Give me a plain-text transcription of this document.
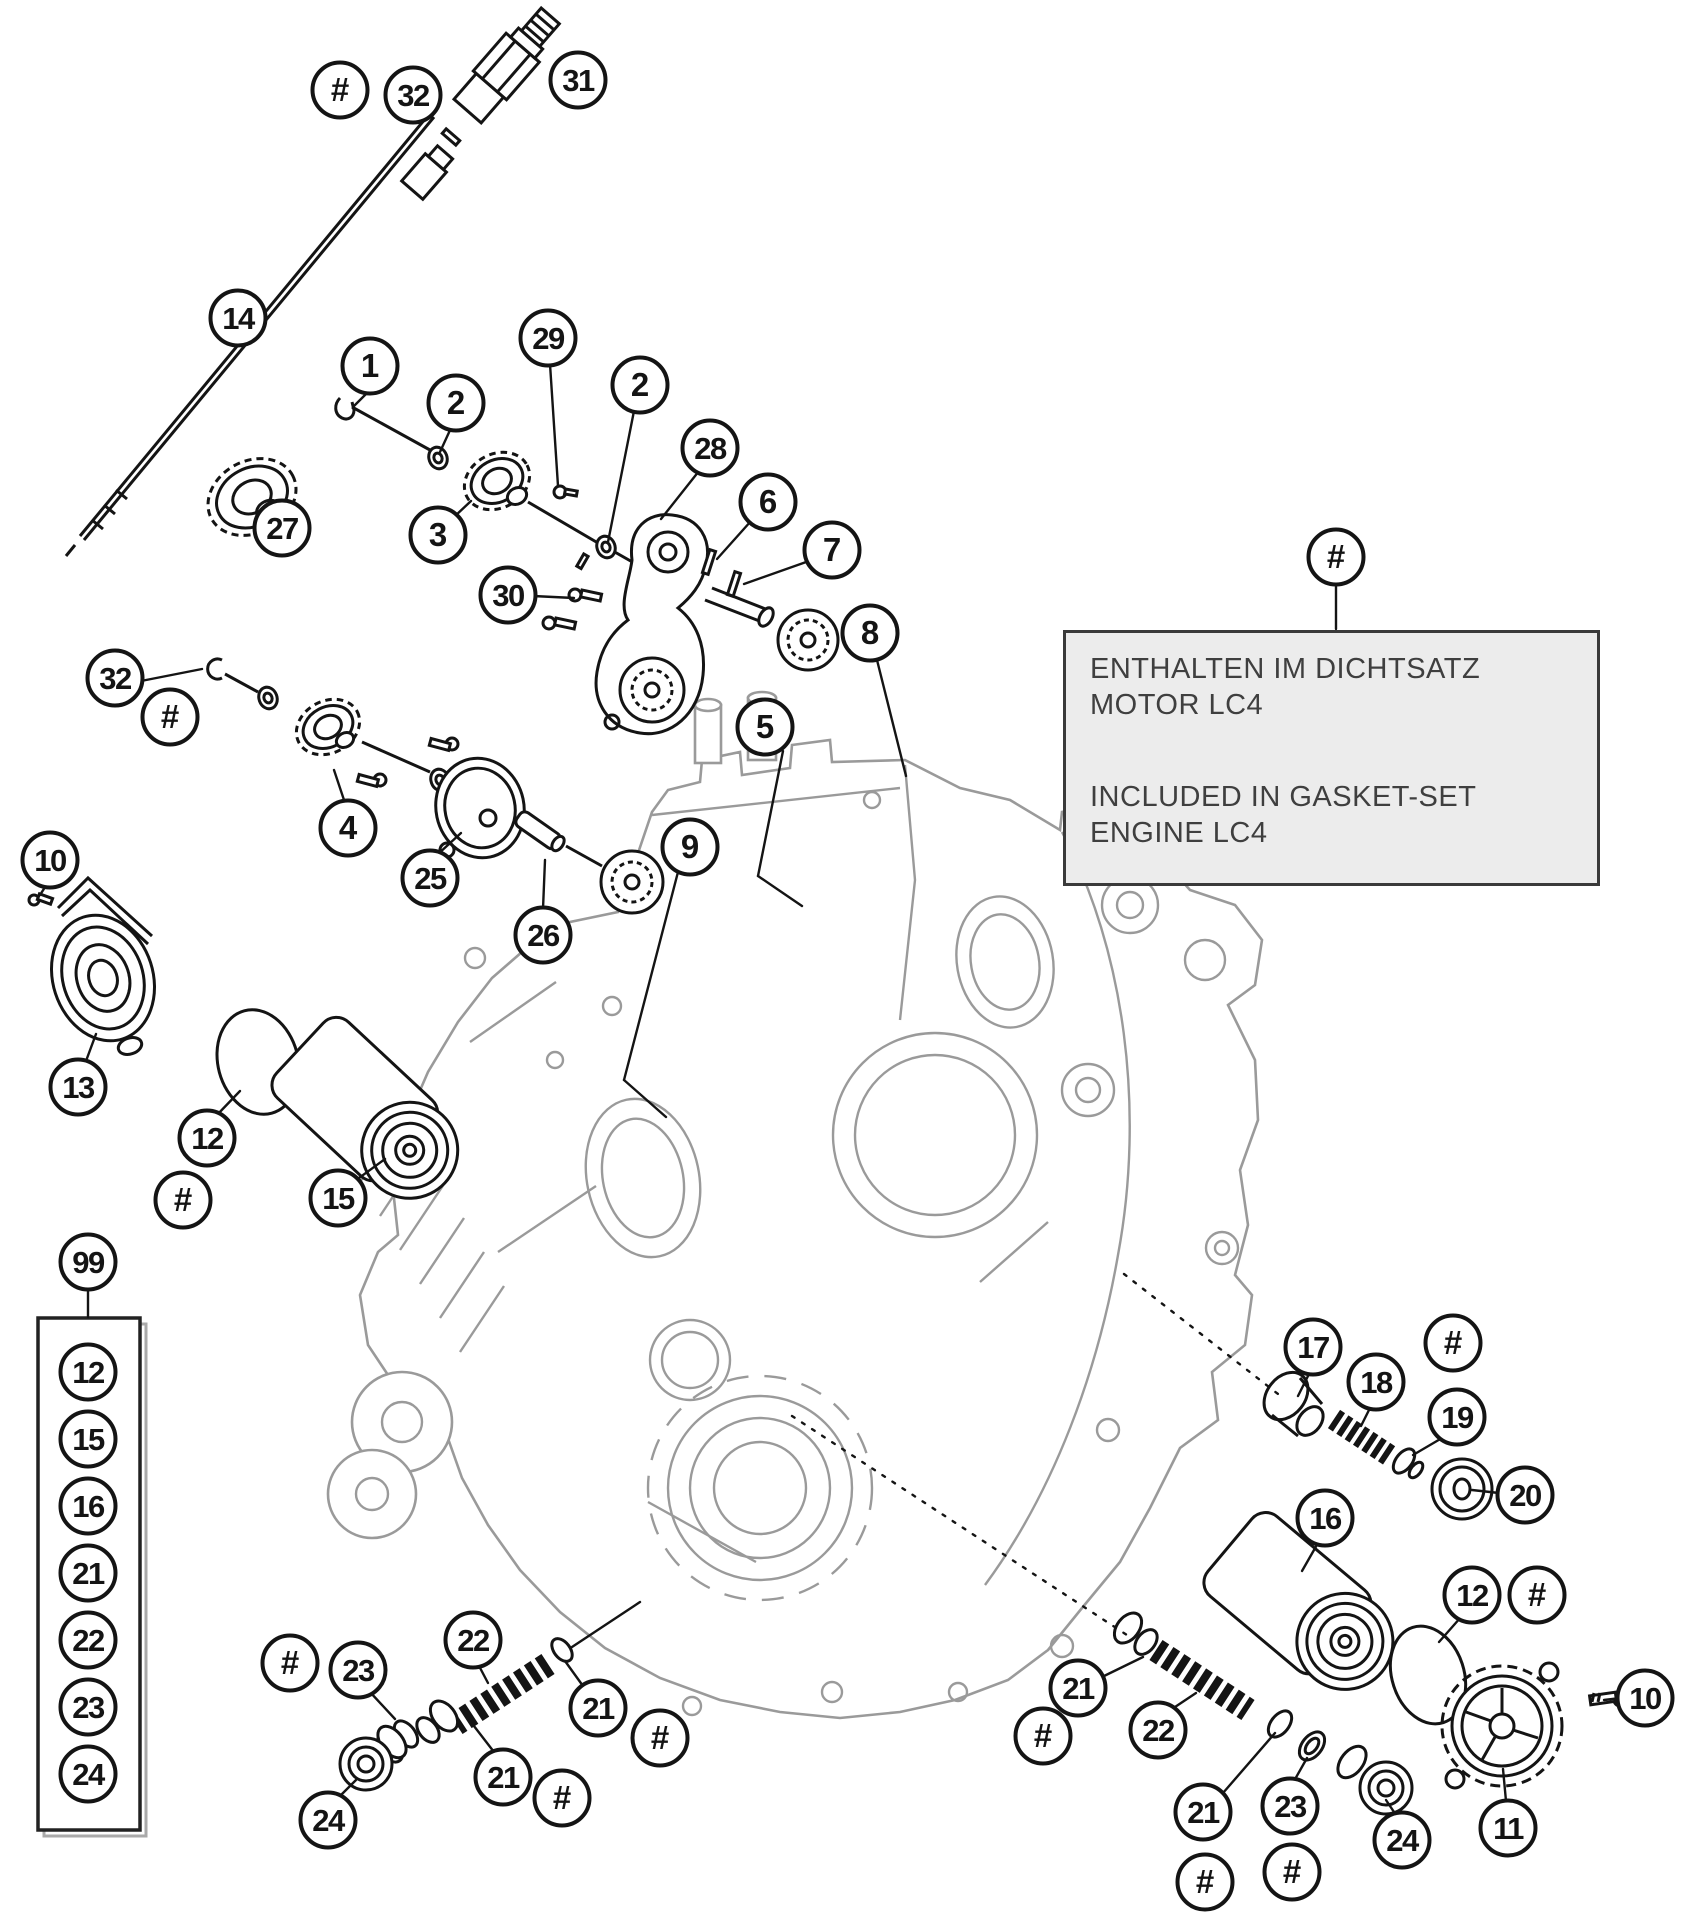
12
15
16
21
22
23
24
# 32	31
14
1
2
29
2
28
27	3
30
6
7
8
5
32
#
4
25
26
9
10
13
12
#	15
99
#
17
18
#
19
20
16
12 #
10
11
21
#	22
21
#
23
#
24
# 23
22
21
#
21
#
24
ENTHALTEN IM DICHTSATZ
MOTOR LC4
INCLUDED IN GASKET-SET
ENGINE LC4
